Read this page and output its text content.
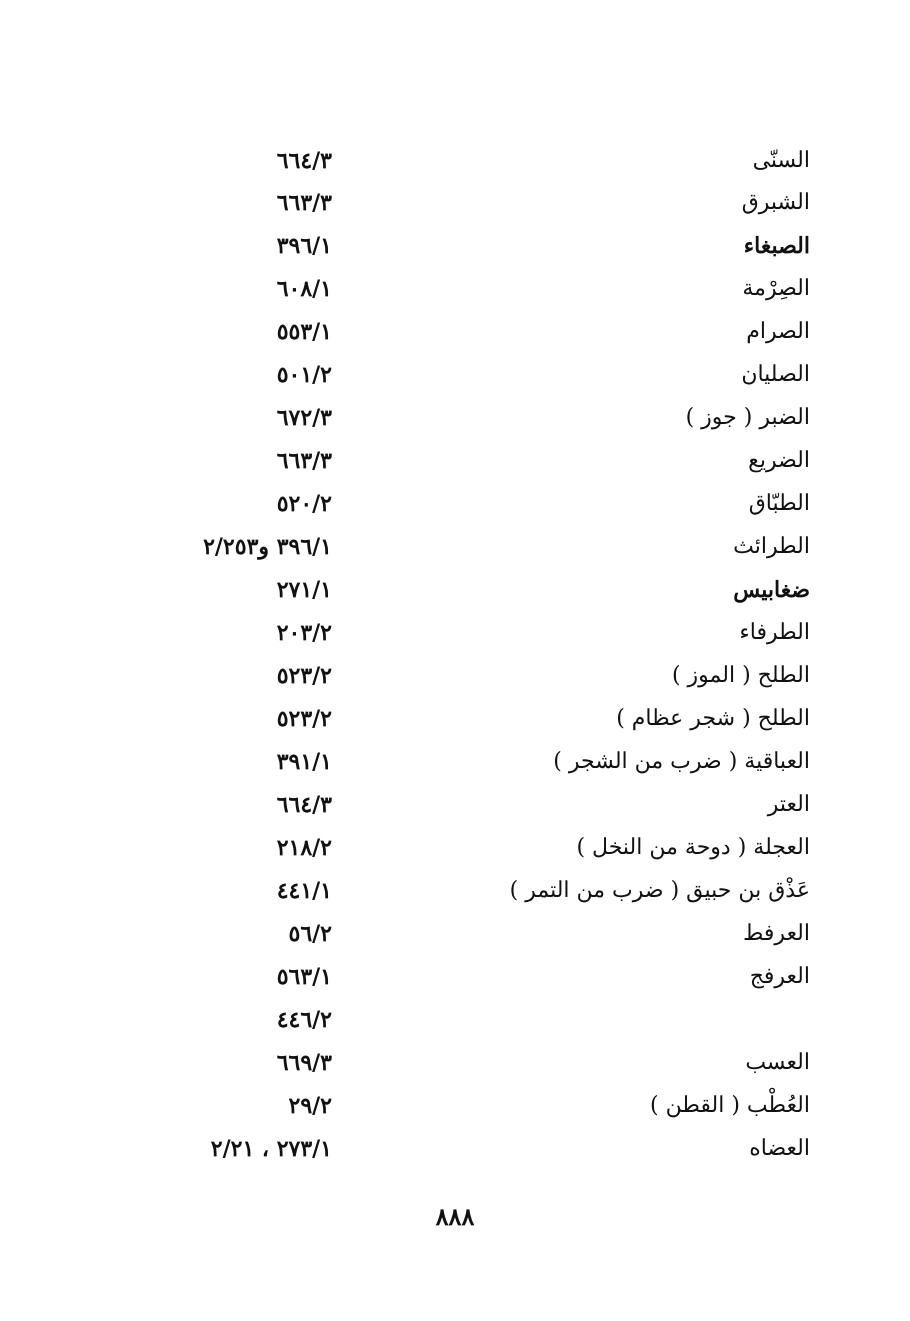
السنّى
٦٦٤/٣
الشبرق
٦٦٣/٣
الصبغاء
٣٩٦/١
الصِرْمة
٦٠٨/١
الصرام
٥٥٣/١
الصليان
٥٠١/٢
الضبر ( جوز )
٦٧٢/٣
الضريع
٦٦٣/٣
الطبّاق
٥٢٠/٢
الطرائث
٣٩٦/١ و٢/٢٥٣
ضغابيس
٢٧١/١
الطرفاء
٢٠٣/٢
الطلح ( الموز )
٥٢٣/٢
الطلح ( شجر عظام )
٥٢٣/٢
العباقية ( ضرب من الشجر )
٣٩١/١
العتر
٦٦٤/٣
العجلة ( دوحة من النخل )
٢١٨/٢
عَذْق بن حبيق ( ضرب من التمر )
٤٤١/١
العرفط
٥٦/٢
العرفج
٥٦٣/١
٤٤٦/٢
العسب
٦٦٩/٣
العُطْب ( القطن )
٢٩/٢
العضاه
٢٧٣/١ ، ٢/٢١
٨٨٨
